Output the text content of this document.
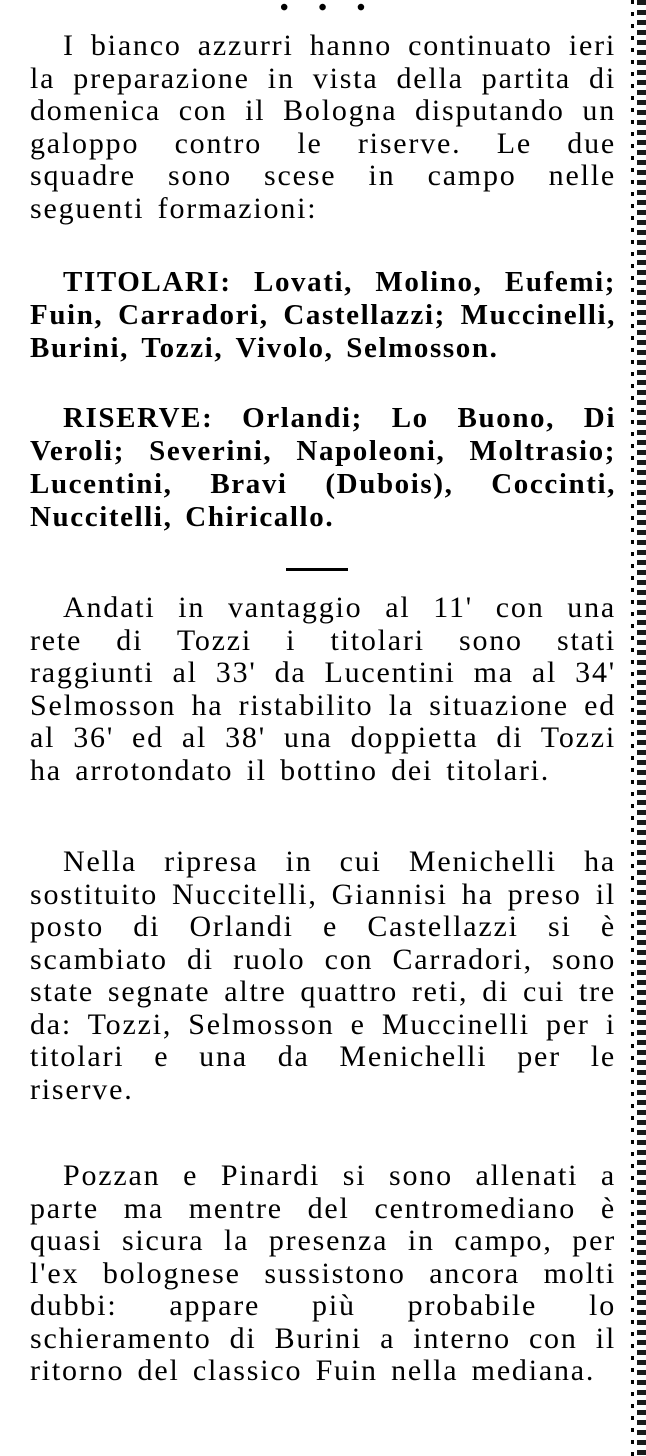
• • •

I bianco azzurri hanno continuato ieri la preparazione in vista della partita di domenica con il Bologna disputando un galoppo contro le riserve. Le due squadre sono scese in campo nelle seguenti formazioni:

TITOLARI: Lovati, Molino, Eufemi; Fuin, Carradori, Castellazzi; Muccinelli, Burini, Tozzi, Vivolo, Selmosson.

RISERVE: Orlandi; Lo Buono, Di Veroli; Severini, Napoleoni, Moltrasio; Lucentini, Bravi (Dubois), Coccinti, Nuccitelli, Chiricallo.

Andati in vantaggio al 11' con una rete di Tozzi i titolari sono stati raggiunti al 33' da Lucentini ma al 34' Selmosson ha ristabilito la situazione ed al 36' ed al 38' una doppietta di Tozzi ha arrotondato il bottino dei titolari.

Nella ripresa in cui Menichelli ha sostituito Nuccitelli, Giannisi ha preso il posto di Orlandi e Castellazzi si è scambiato di ruolo con Carradori, sono state segnate altre quattro reti, di cui tre da: Tozzi, Selmosson e Muccinelli per i titolari e una da Menichelli per le riserve.

Pozzan e Pinardi si sono allenati a parte ma mentre del centromediano è quasi sicura la presenza in campo, per l'ex bolognese sussistono ancora molti dubbi: appare più probabile lo schieramento di Burini a interno con il ritorno del classico Fuin nella mediana.
